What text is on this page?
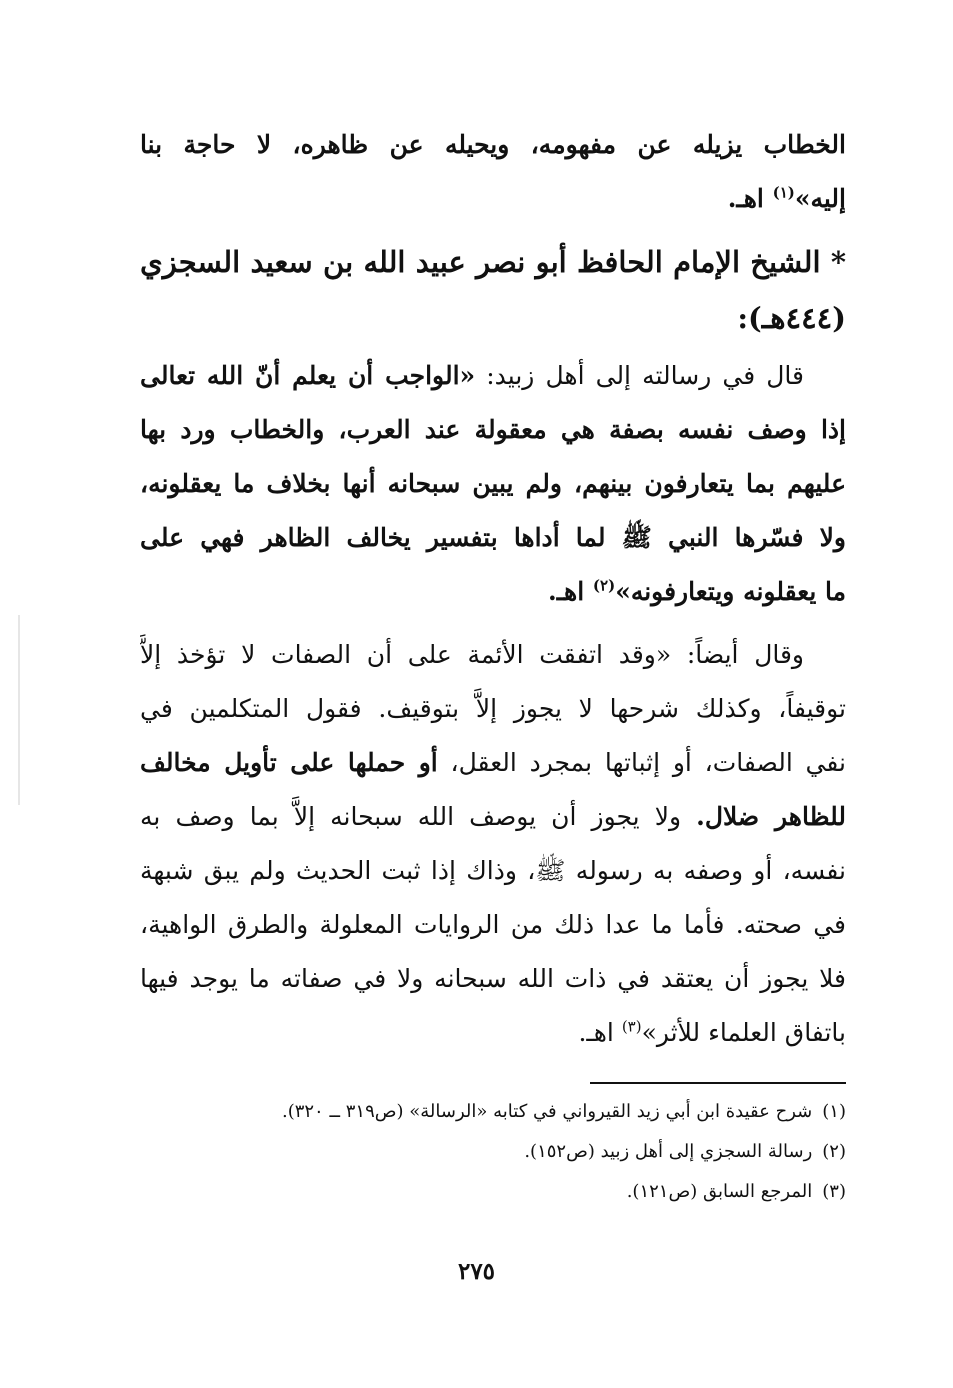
الخطاب يزيله عن مفهومه، ويحيله عن ظاهره، لا حاجة بنا
إليه»$^{(١)}$ اهـ.
* الشيخ الإمام الحافظ أبو نصر عبيد الله بن سعيد السجزي
(٤٤٤هـ):
قال في رسالته إلى أهل زبيد: «الواجب أن يعلم أنّ الله تعالى
إذا وصف نفسه بصفة هي معقولة عند العرب، والخطاب ورد بها
عليهم بما يتعارفون بينهم، ولم يبين سبحانه أنها بخلاف ما يعقلونه،
ولا فسّرها النبي ﷺ لما أداها بتفسير يخالف الظاهر فهي على
ما يعقلونه ويتعارفونه»$^{(٢)}$ اهـ.
وقال أيضاً: «وقد اتفقت الأئمة على أن الصفات لا تؤخذ إلاَّ
توقيفاً، وكذلك شرحها لا يجوز إلاَّ بتوقيف. فقول المتكلمين في
نفي الصفات، أو إثباتها بمجرد العقل، أو حملها على تأويل مخالف
للظاهر ضلال. ولا يجوز أن يوصف الله سبحانه إلاَّ بما وصف به
نفسه، أو وصفه به رسوله ﷺ، وذاك إذا ثبت الحديث ولم يبق شبهة
في صحته. فأما ما عدا ذلك من الروايات المعلولة والطرق الواهية،
فلا يجوز أن يعتقد في ذات الله سبحانه ولا في صفاته ما يوجد فيها
باتفاق العلماء للأثر»$^{(٣)}$ اهـ.
(١)شرح عقيدة ابن أبي زيد القيرواني في كتابه «الرسالة» (ص٣١٩ ــ ٣٢٠).
(٢)رسالة السجزي إلى أهل زبيد (ص١٥٢).
(٣)المرجع السابق (ص١٢١).
٢٧٥
